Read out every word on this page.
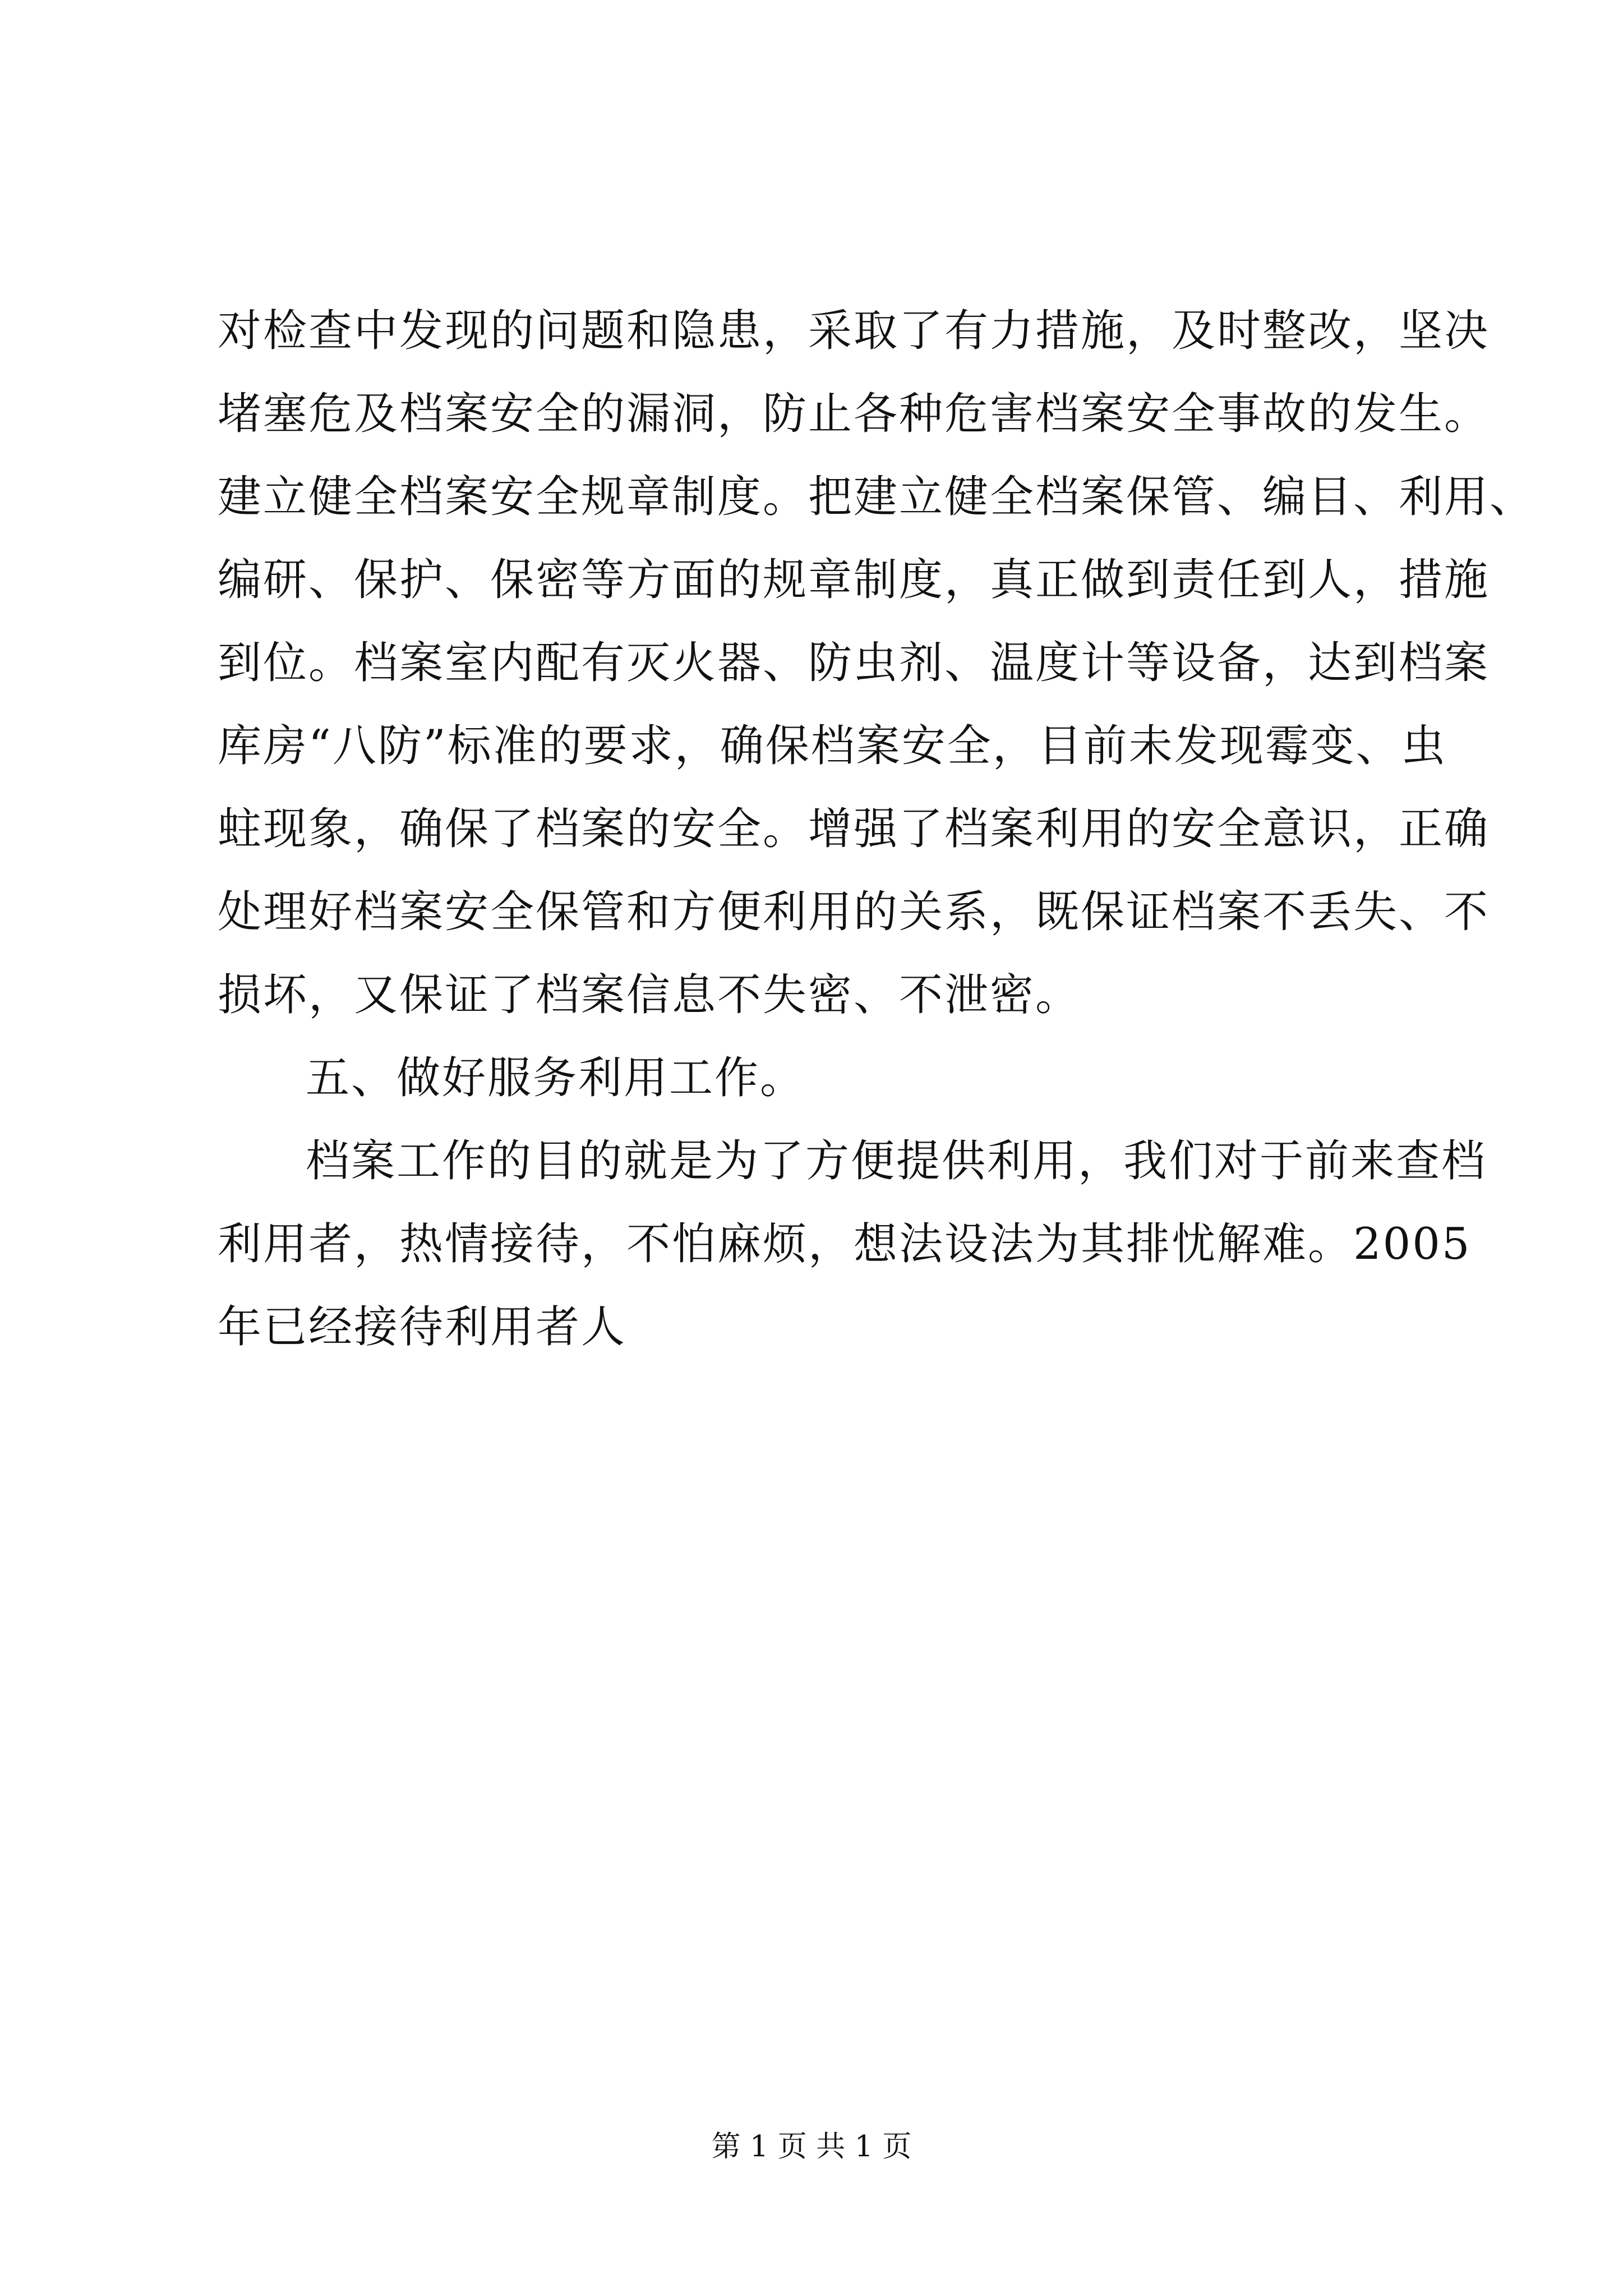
对检查中发现的问题和隐患，采取了有力措施，及时整改，坚决
堵塞危及档案安全的漏洞，防止各种危害档案安全事故的发生。
建立健全档案安全规章制度。把建立健全档案保管、编目、利用、
编研、保护、保密等方面的规章制度，真正做到责任到人，措施
到位。档案室内配有灭火器、防虫剂、温度计等设备，达到档案
库房“八防”标准的要求，确保档案安全，目前未发现霉变、虫
蛀现象，确保了档案的安全。增强了档案利用的安全意识，正确
处理好档案安全保管和方便利用的关系，既保证档案不丢失、不
损坏，又保证了档案信息不失密、不泄密。
五、做好服务利用工作。
档案工作的目的就是为了方便提供利用，我们对于前来查档
利用者，热情接待，不怕麻烦，想法设法为其排忧解难。2005
年已经接待利用者人
第 1 页 共 1 页
